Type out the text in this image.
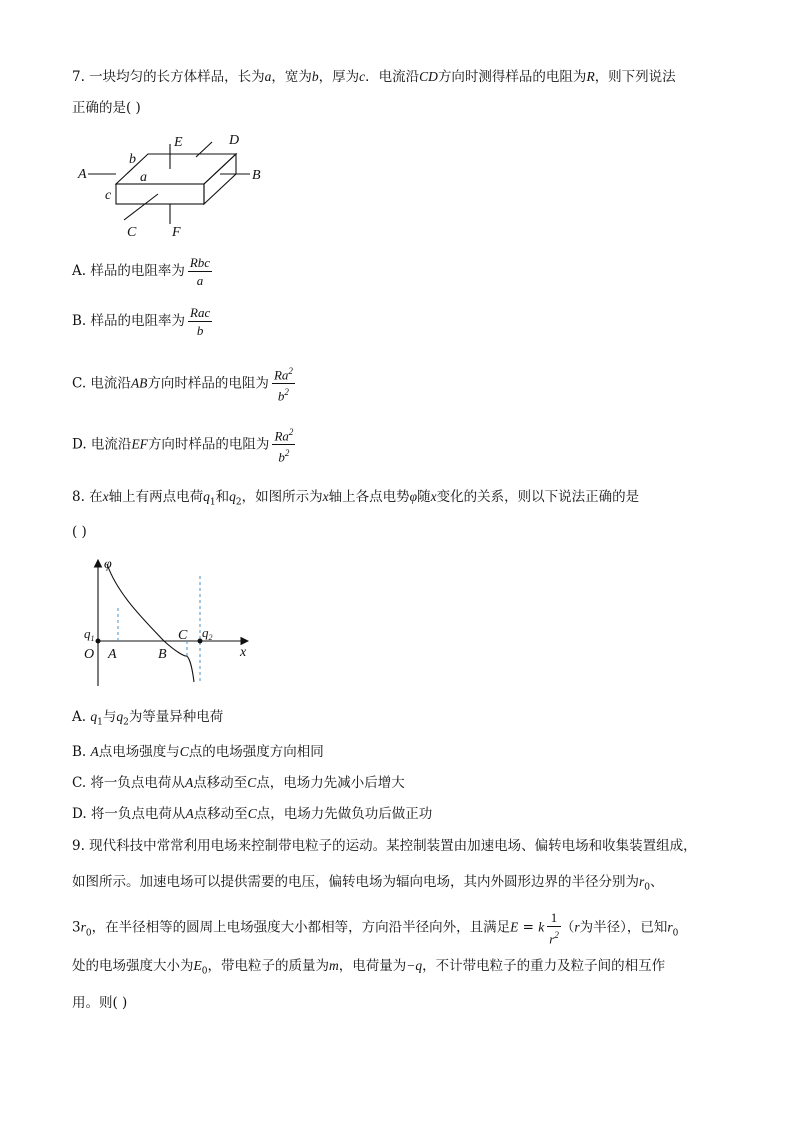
7. 一块均匀的长方体样品，长为a，宽为b，厚为c．电流沿CD方向时测得样品的电阻为R，则下列说法
正确的是( )
A	B
C
D
E
F
a
b
c
A. 样品的电阻率为 $\frac{\text{Rbc}}{a}$
B. 样品的电阻率为 $\frac{\text{Rac}}{b}$
C. 电流沿AB方向时样品的电阻为 $\frac{Ra^2}{b^2}$
D. 电流沿EF方向时样品的电阻为 $\frac{Ra^2}{b^2}$
8. 在x轴上有两点电荷$q_1$和$q_2$，如图所示为x轴上各点电势φ随x变化的关系，则以下说法正确的是
( )
φ
$q_1$	$q_2$
O A	B
C
x
A. $q_1$与$q_2$为等量异种电荷
B. A点电场强度与C点的电场强度方向相同
C. 将一负点电荷从A点移动至C点，电场力先减小后增大
D. 将一负点电荷从A点移动至C点，电场力先做负功后做正功
9. 现代科技中常常利用电场来控制带电粒子的运动。某控制装置由加速电场、偏转电场和收集装置组成，
如图所示。加速电场可以提供需要的电压，偏转电场为辐向电场，其内外圆形边界的半径分别为$r_0$、
$3r_0$，在半径相等的圆周上电场强度大小都相等，方向沿半径向外，且满足E = k $\frac{1}{r^2} (r$为半径），已知$r_0$
处的电场强度大小为$E_0$，带电粒子的质量为m，电荷量为−q，不计带电粒子的重力及粒子间的相互作
用。则( )
